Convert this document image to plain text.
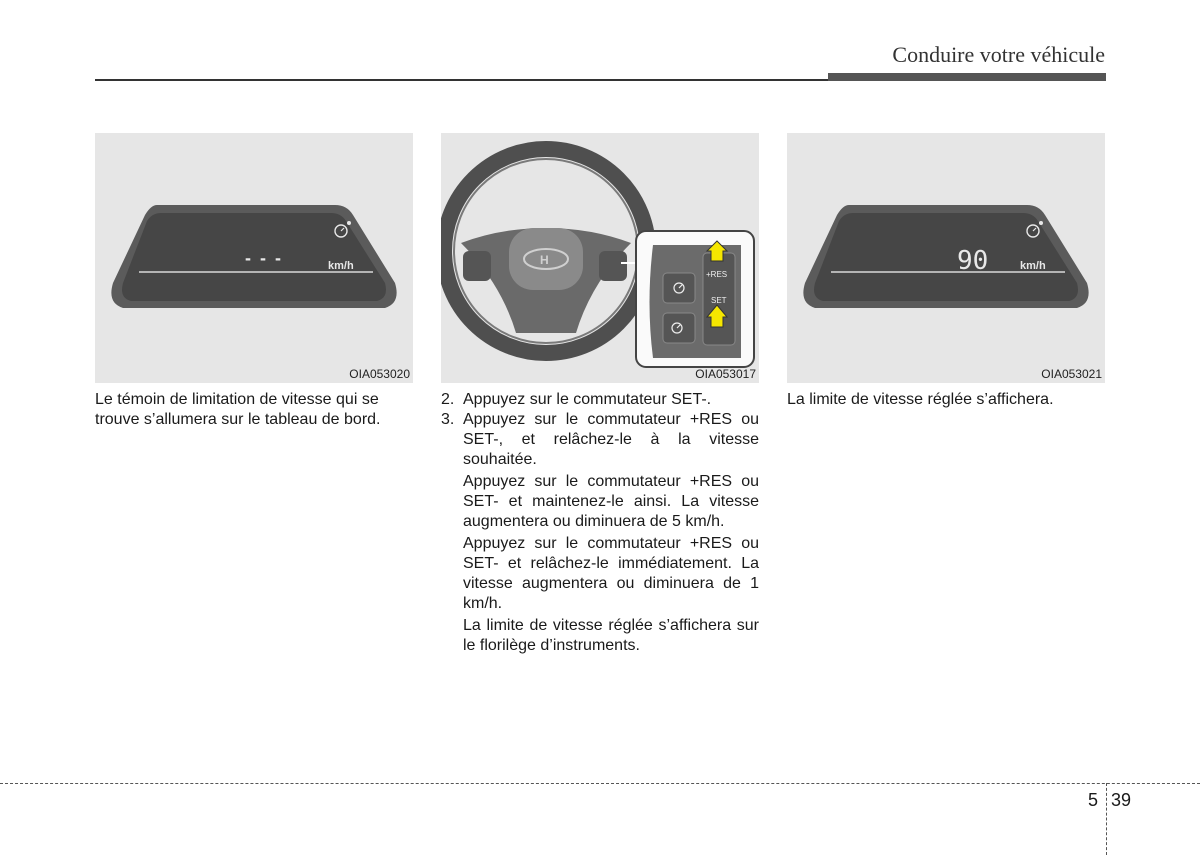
Conduire votre véhicule
- - -	km/h
OIA053020
H
+RES
SET
OIA053017
90	km/h
OIA053021
Le témoin de limitation de vitesse qui se trouve s’allumera sur le tableau de bord.
2. Appuyez sur le commutateur SET-.
3. Appuyez sur le commutateur +RES ou SET-, et relâchez-le à la vitesse souhaitée.
Appuyez sur le commutateur +RES ou SET- et maintenez-le ainsi. La vitesse augmentera ou diminuera de 5 km/h.
Appuyez sur le commutateur +RES ou SET- et relâchez-le immédiatement. La vitesse augmentera ou diminuera de 1 km/h.
La limite de vitesse réglée s’affichera sur le florilège d’instruments.
La limite de vitesse réglée s’affichera.
5 39
